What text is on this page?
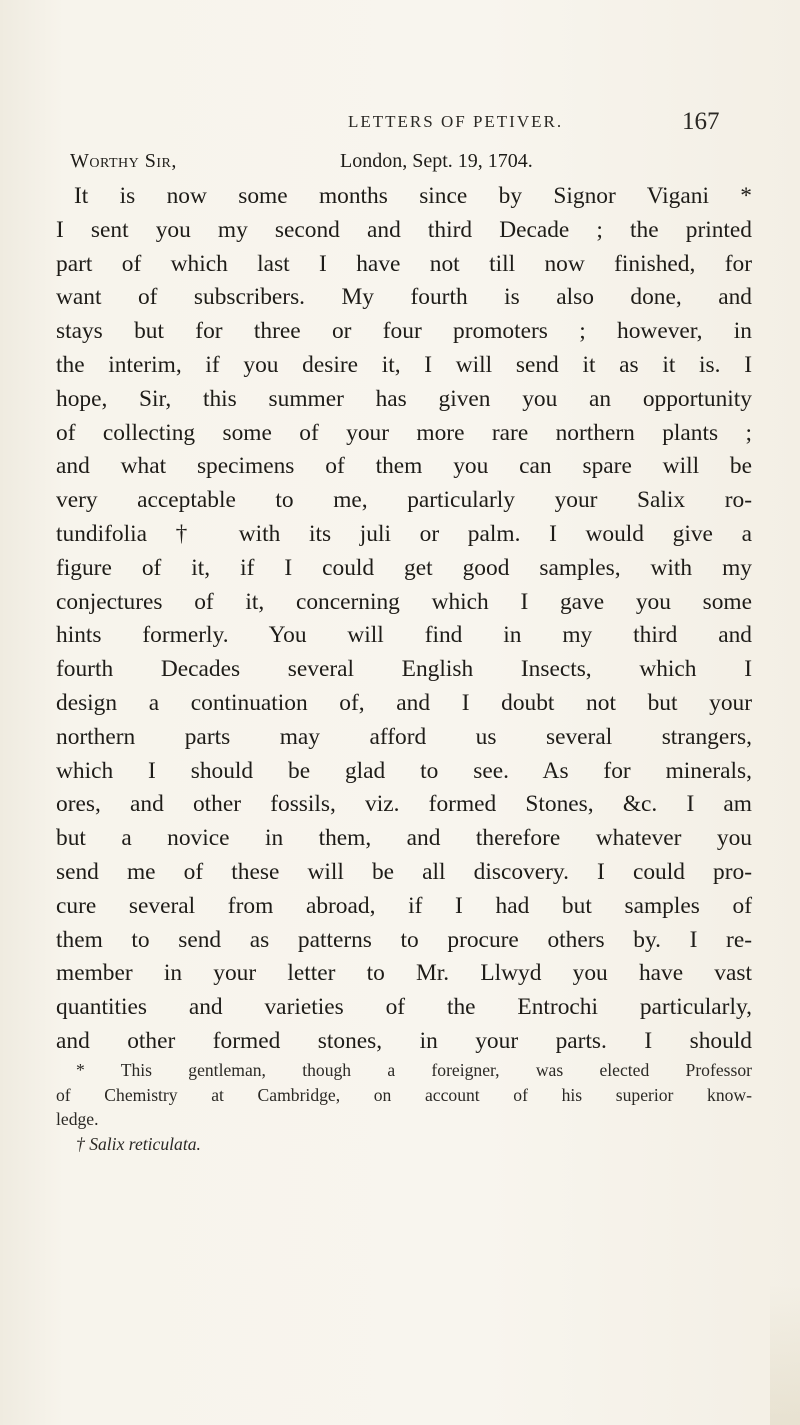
LETTERS OF PETIVER.	167
Worthy Sir,	London, Sept. 19, 1704.
It is now some months since by Signor Vigani *
I sent you my second and third Decade ; the printed
part of which last I have not till now finished, for
want of subscribers. My fourth is also done, and
stays but for three or four promoters ; however, in
the interim, if you desire it, I will send it as it is. I
hope, Sir, this summer has given you an opportunity
of collecting some of your more rare northern plants ;
and what specimens of them you can spare will be
very acceptable to me, particularly your Salix ro-
tundifolia † with its juli or palm. I would give a
figure of it, if I could get good samples, with my
conjectures of it, concerning which I gave you some
hints formerly. You will find in my third and
fourth Decades several English Insects, which I
design a continuation of, and I doubt not but your
northern parts may afford us several strangers,
which I should be glad to see. As for minerals,
ores, and other fossils, viz. formed Stones, &c. I am
but a novice in them, and therefore whatever you
send me of these will be all discovery. I could pro-
cure several from abroad, if I had but samples of
them to send as patterns to procure others by. I re-
member in your letter to Mr. Llwyd you have vast
quantities and varieties of the Entrochi particularly,
and other formed stones, in your parts. I should
* This gentleman, though a foreigner, was elected Professor
of Chemistry at Cambridge, on account of his superior know-
ledge.
† Salix reticulata.
